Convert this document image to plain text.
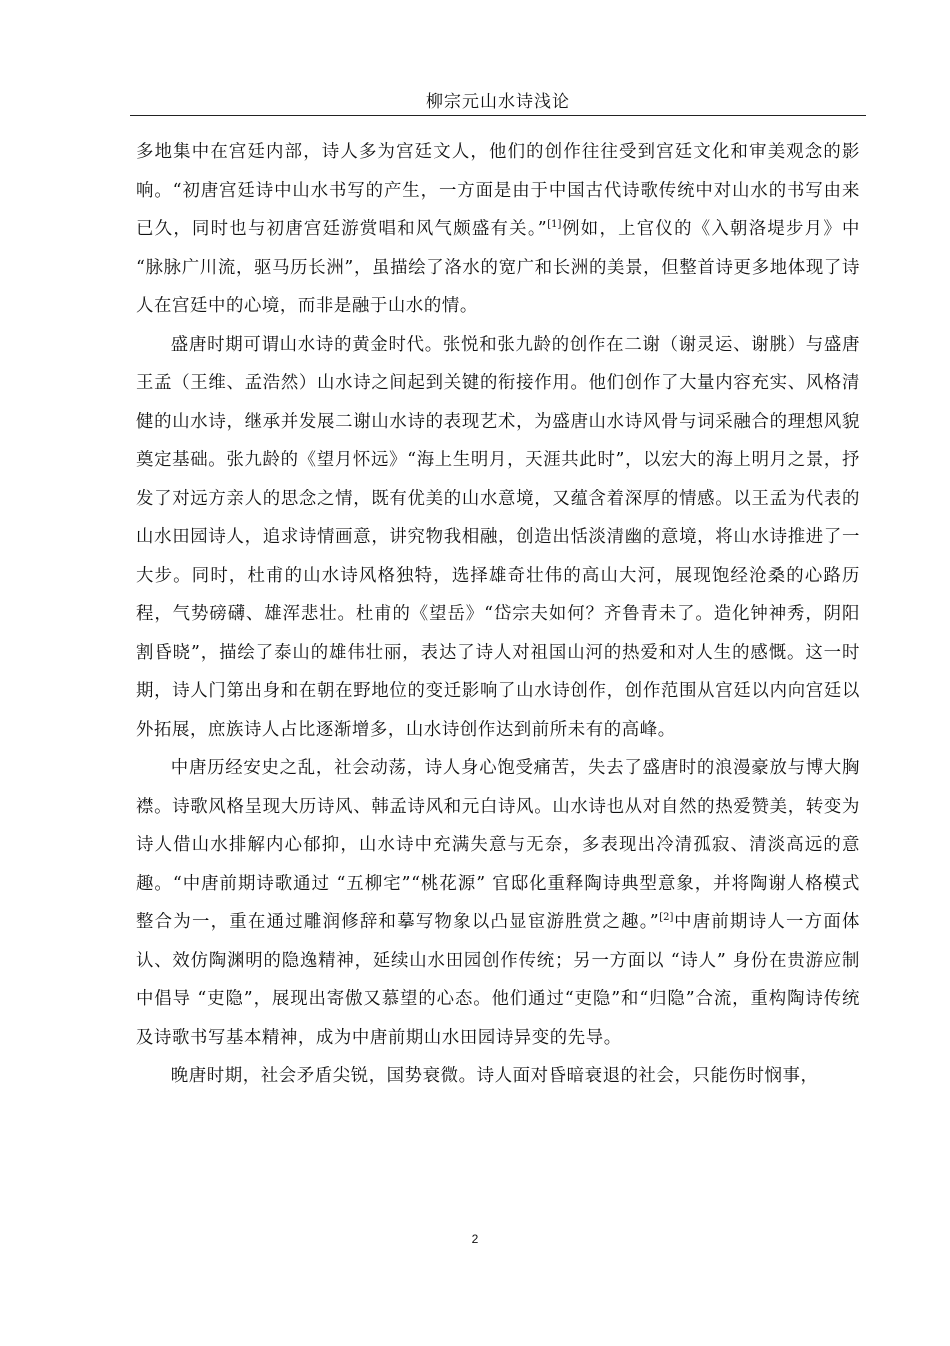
柳宗元山水诗浅论

多地集中在宫廷内部，诗人多为宫廷文人，他们的创作往往受到宫廷文化和审美观念的影响。“初唐宫廷诗中山水书写的产生，一方面是由于中国古代诗歌传统中对山水的书写由来已久，同时也与初唐宫廷游赏唱和风气颇盛有关。”[1]例如，上官仪的《入朝洛堤步月》中 “脉脉广川流，驱马历长洲”，虽描绘了洛水的宽广和长洲的美景，但整首诗更多地体现了诗人在宫廷中的心境，而非是融于山水的情。

盛唐时期可谓山水诗的黄金时代。张悦和张九龄的创作在二谢（谢灵运、谢朓）与盛唐王孟（王维、孟浩然）山水诗之间起到关键的衔接作用。他们创作了大量内容充实、风格清健的山水诗，继承并发展二谢山水诗的表现艺术，为盛唐山水诗风骨与词采融合的理想风貌奠定基础。张九龄的《望月怀远》“海上生明月，天涯共此时”，以宏大的海上明月之景，抒发了对远方亲人的思念之情，既有优美的山水意境，又蕴含着深厚的情感。以王孟为代表的山水田园诗人，追求诗情画意，讲究物我相融，创造出恬淡清幽的意境，将山水诗推进了一大步。同时，杜甫的山水诗风格独特，选择雄奇壮伟的高山大河，展现饱经沧桑的心路历程，气势磅礴、雄浑悲壮。杜甫的《望岳》“岱宗夫如何？齐鲁青未了。造化钟神秀，阴阳割昏晓”，描绘了泰山的雄伟壮丽，表达了诗人对祖国山河的热爱和对人生的感慨。这一时期，诗人门第出身和在朝在野地位的变迁影响了山水诗创作，创作范围从宫廷以内向宫廷以外拓展，庶族诗人占比逐渐增多，山水诗创作达到前所未有的高峰。

中唐历经安史之乱，社会动荡，诗人身心饱受痛苦，失去了盛唐时的浪漫豪放与博大胸襟。诗歌风格呈现大历诗风、韩孟诗风和元白诗风。山水诗也从对自然的热爱赞美，转变为诗人借山水排解内心郁抑，山水诗中充满失意与无奈，多表现出冷清孤寂、清淡高远的意趣。“中唐前期诗歌通过 “五柳宅”“桃花源” 官邸化重释陶诗典型意象，并将陶谢人格模式整合为一，重在通过雕润修辞和摹写物象以凸显宦游胜赏之趣。”[2]中唐前期诗人一方面体认、效仿陶渊明的隐逸精神，延续山水田园创作传统；另一方面以 “诗人” 身份在贵游应制中倡导 “吏隐”，展现出寄傲又慕望的心态。他们通过“吏隐”和“归隐”合流，重构陶诗传统及诗歌书写基本精神，成为中唐前期山水田园诗异变的先导。

晚唐时期，社会矛盾尖锐，国势衰微。诗人面对昏暗衰退的社会，只能伤时悯事，

2
